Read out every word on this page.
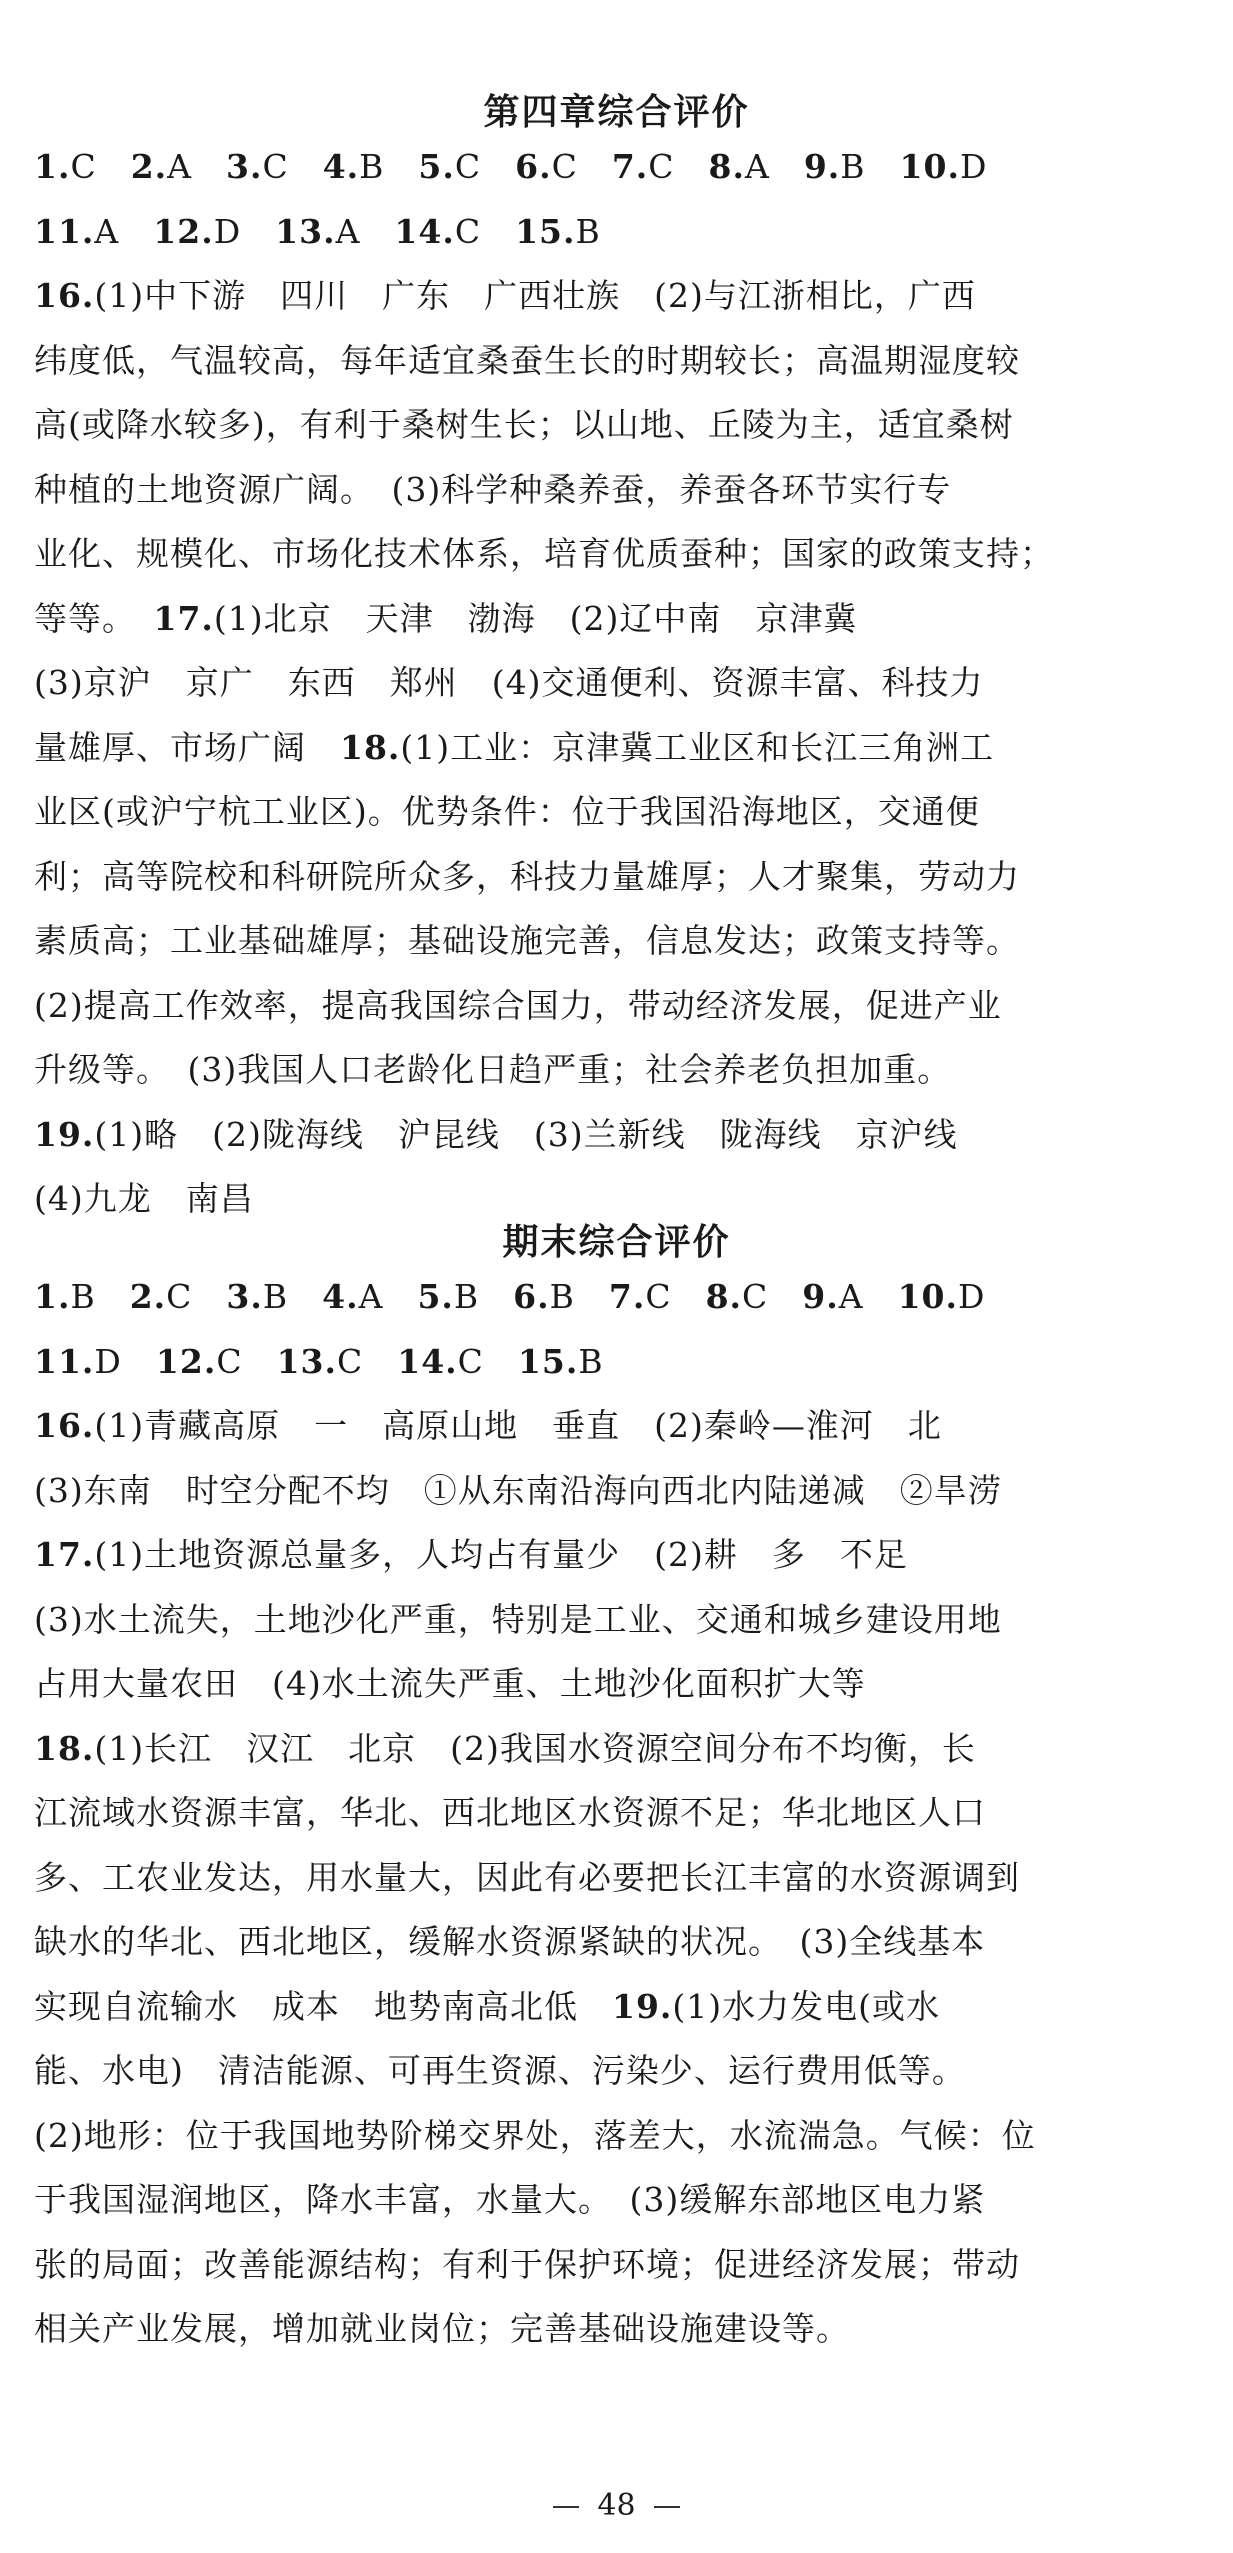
第四章综合评价
1.C 2.A 3.C 4.B 5.C 6.C 7.C 8.A 9.B 10.D
11.A 12.D 13.A 14.C 15.B
16.(1)中下游　四川　广东　广西壮族　(2)与江浙相比，广西
纬度低，气温较高，每年适宜桑蚕生长的时期较长；高温期湿度较
高(或降水较多)，有利于桑树生长；以山地、丘陵为主，适宜桑树
种植的土地资源广阔。　(3)科学种桑养蚕，养蚕各环节实行专
业化、规模化、市场化技术体系，培育优质蚕种；国家的政策支持；
等等。　17.(1)北京　天津　渤海　(2)辽中南　京津冀
(3)京沪　京广　东西　郑州　(4)交通便利、资源丰富、科技力
量雄厚、市场广阔　18.(1)工业：京津冀工业区和长江三角洲工
业区(或沪宁杭工业区)。优势条件：位于我国沿海地区，交通便
利；高等院校和科研院所众多，科技力量雄厚；人才聚集，劳动力
素质高；工业基础雄厚；基础设施完善，信息发达；政策支持等。
(2)提高工作效率，提高我国综合国力，带动经济发展，促进产业
升级等。　(3)我国人口老龄化日趋严重；社会养老负担加重。
19.(1)略　(2)陇海线　沪昆线　(3)兰新线　陇海线　京沪线
(4)九龙　南昌
期末综合评价
1.B 2.C 3.B 4.A 5.B 6.B 7.C 8.C 9.A 10.D
11.D 12.C 13.C 14.C 15.B
16.(1)青藏高原　一　高原山地　垂直　(2)秦岭—淮河　北
(3)东南　时空分配不均　①从东南沿海向西北内陆递减　②旱涝
17.(1)土地资源总量多，人均占有量少　(2)耕　多　不足
(3)水土流失，土地沙化严重，特别是工业、交通和城乡建设用地
占用大量农田　(4)水土流失严重、土地沙化面积扩大等
18.(1)长江　汉江　北京　(2)我国水资源空间分布不均衡，长
江流域水资源丰富，华北、西北地区水资源不足；华北地区人口
多、工农业发达，用水量大，因此有必要把长江丰富的水资源调到
缺水的华北、西北地区，缓解水资源紧缺的状况。　(3)全线基本
实现自流输水　成本　地势南高北低　19.(1)水力发电(或水
能、水电)　清洁能源、可再生资源、污染少、运行费用低等。
(2)地形：位于我国地势阶梯交界处，落差大，水流湍急。气候：位
于我国湿润地区，降水丰富，水量大。　(3)缓解东部地区电力紧
张的局面；改善能源结构；有利于保护环境；促进经济发展；带动
相关产业发展，增加就业岗位；完善基础设施建设等。
48
